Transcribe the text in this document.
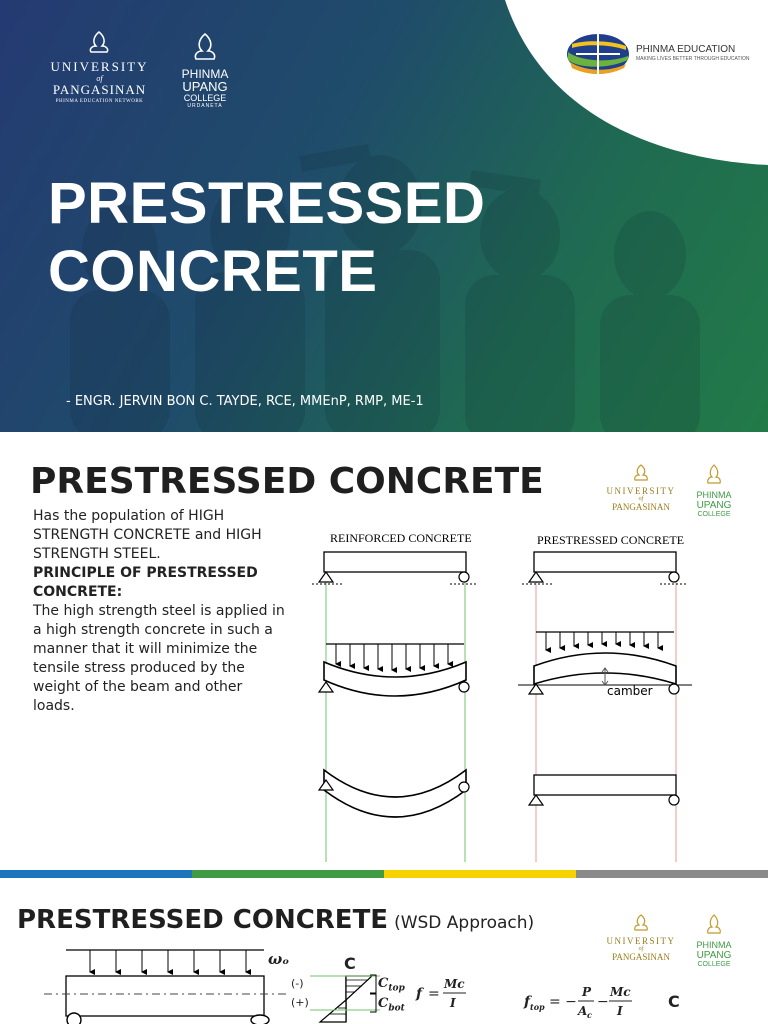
UNIVERSITY
of
PANGASINAN
PHINMA EDUCATION NETWORK
PHINMA
UPANG
COLLEGE
URDANETA
PHINMA EDUCATION
MAKING LIVES BETTER THROUGH EDUCATION
PRESTRESSED
CONCRETE
- ENGR. JERVIN BON C. TAYDE, RCE, MMEnP, RMP, ME-1
PRESTRESSED CONCRETE

Has the population of HIGH STRENGTH CONCRETE and HIGH STRENGTH STEEL.

PRINCIPLE OF PRESTRESSED CONCRETE:

The high strength steel is applied in a high strength concrete in such a manner that it will minimize the tensile stress produced by the weight of the beam and other loads.

UNIVERSITY
of
PANGASINAN
PHINMA
UPANG
COLLEGE
REINFORCED CONCRETE	PRESTRESSED CONCRETE
camber
PRESTRESSED CONCRETE (WSD Approach)
UNIVERSITY
of
PANGASINAN
PHINMA
UPANG
COLLEGE
ωₒ	C
(-)
(+)
$C_{top}$
$C_{bot}$
f =
Mc
I	f top = −
P
A c
−
Mc
I	C
